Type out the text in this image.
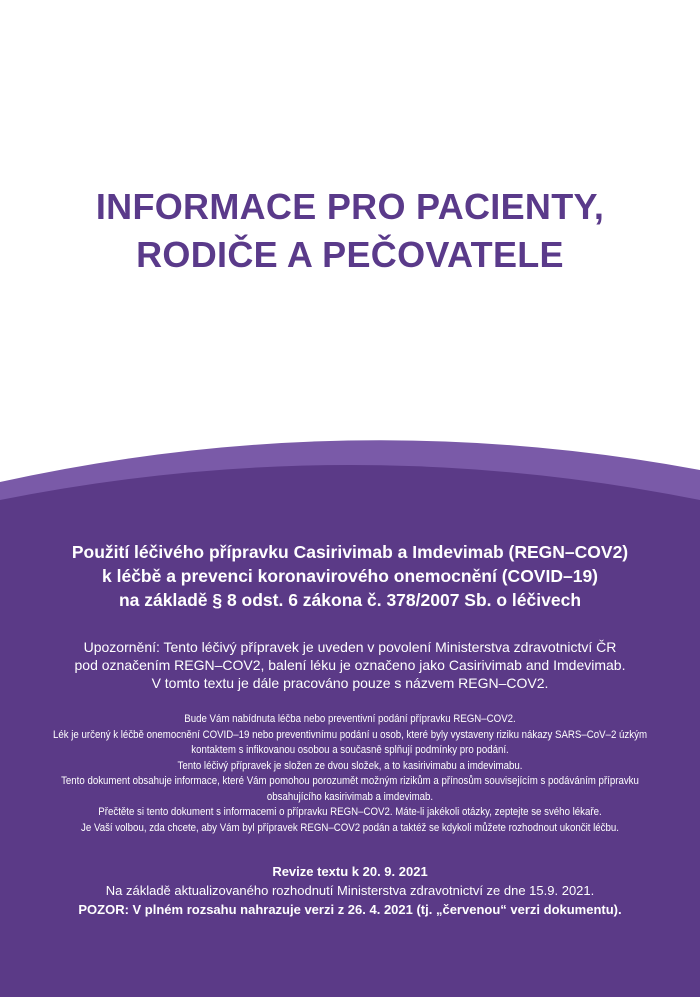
INFORMACE PRO PACIENTY,
RODIČE A PEČOVATELE

Použití léčivého přípravku Casirivimab a Imdevimab (REGN–COV2)
k léčbě a prevenci koronavirového onemocnění (COVID–19)
na základě § 8 odst. 6 zákona č. 378/2007 Sb. o léčivech

Upozornění: Tento léčivý přípravek je uveden v povolení Ministerstva zdravotnictví ČR
pod označením REGN–COV2, balení léku je označeno jako Casirivimab and Imdevimab.
V tomto textu je dále pracováno pouze s názvem REGN–COV2.

Bude Vám nabídnuta léčba nebo preventivní podání přípravku REGN–COV2.
Lék je určený k léčbě onemocnění COVID–19 nebo preventivnímu podání u osob, které byly vystaveny riziku nákazy SARS–CoV–2 úzkým
kontaktem s infikovanou osobou a současně splňují podmínky pro podání.
Tento léčivý přípravek je složen ze dvou složek, a to kasirivimabu a imdevimabu.
Tento dokument obsahuje informace, které Vám pomohou porozumět možným rizikům a přínosům souvisejícím s podáváním přípravku
obsahujícího kasirivimab a imdevimab.
Přečtěte si tento dokument s informacemi o přípravku REGN–COV2. Máte-li jakékoli otázky, zeptejte se svého lékaře.
Je Vaší volbou, zda chcete, aby Vám byl přípravek REGN–COV2 podán a taktéž se kdykoli můžete rozhodnout ukončit léčbu.
Revize textu k 20. 9. 2021
Na základě aktualizovaného rozhodnutí Ministerstva zdravotnictví ze dne 15.9. 2021.
POZOR: V plném rozsahu nahrazuje verzi z 26. 4. 2021 (tj. „červenou“ verzi dokumentu).
